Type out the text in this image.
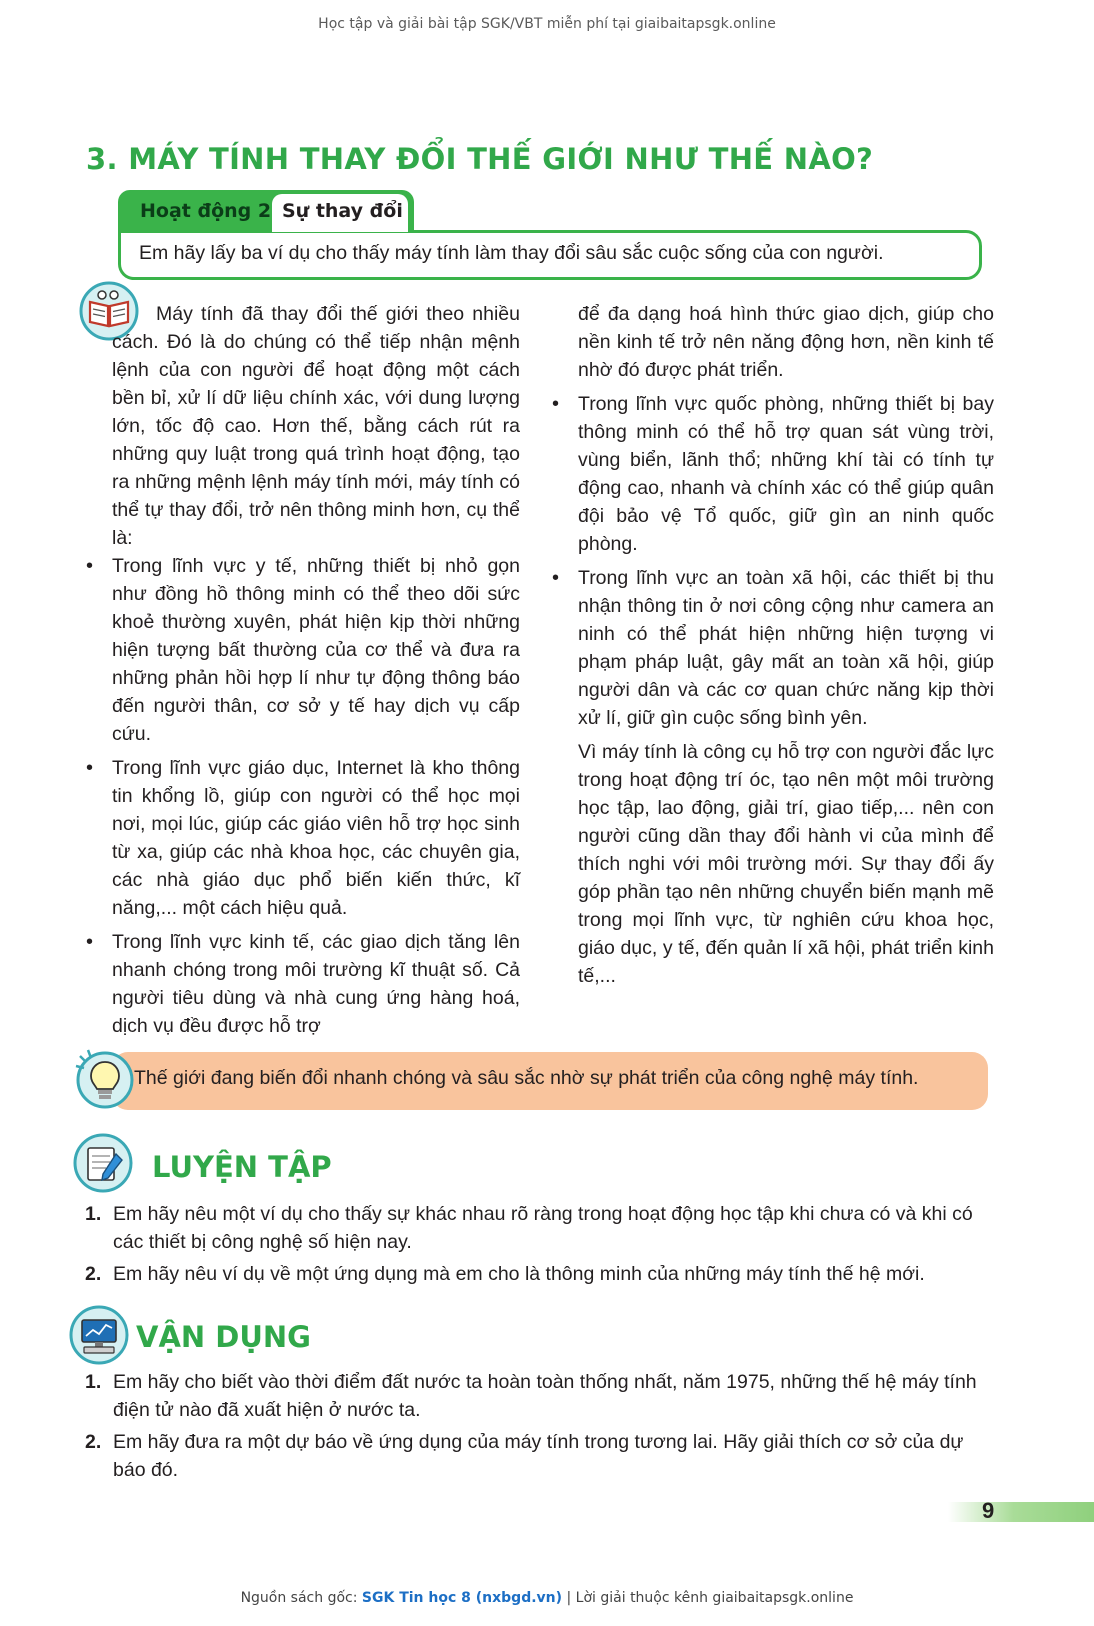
Học tập và giải bài tập SGK/VBT miễn phí tại giaibaitapsgk.online
3. MÁY TÍNH THAY ĐỔI THẾ GIỚI NHƯ THẾ NÀO?
Em hãy lấy ba ví dụ cho thấy máy tính làm thay đổi sâu sắc cuộc sống của con người.
Hoạt động 2 Sự thay đổi

Máy tính đã thay đổi thế giới theo nhiều cách. Đó là do chúng có thể tiếp nhận mệnh lệnh của con người để hoạt động một cách bền bỉ, xử lí dữ liệu chính xác, với dung lượng lớn, tốc độ cao. Hơn thế, bằng cách rút ra những quy luật trong quá trình hoạt động, tạo ra những mệnh lệnh máy tính mới, máy tính có thể tự thay đổi, trở nên thông minh hơn, cụ thể là:

• Trong lĩnh vực y tế, những thiết bị nhỏ gọn như đồng hồ thông minh có thể theo dõi sức khoẻ thường xuyên, phát hiện kịp thời những hiện tượng bất thường của cơ thể và đưa ra những phản hồi hợp lí như tự động thông báo đến người thân, cơ sở y tế hay dịch vụ cấp cứu.
• Trong lĩnh vực giáo dục, Internet là kho thông tin khổng lồ, giúp con người có thể học mọi nơi, mọi lúc, giúp các giáo viên hỗ trợ học sinh từ xa, giúp các nhà khoa học, các chuyên gia, các nhà giáo dục phổ biến kiến thức, kĩ năng,... một cách hiệu quả.
• Trong lĩnh vực kinh tế, các giao dịch tăng lên nhanh chóng trong môi trường kĩ thuật số. Cả người tiêu dùng và nhà cung ứng hàng hoá, dịch vụ đều được hỗ trợ

để đa dạng hoá hình thức giao dịch, giúp cho nền kinh tế trở nên năng động hơn, nền kinh tế nhờ đó được phát triển.

• Trong lĩnh vực quốc phòng, những thiết bị bay thông minh có thể hỗ trợ quan sát vùng trời, vùng biển, lãnh thổ; những khí tài có tính tự động cao, nhanh và chính xác có thể giúp quân đội bảo vệ Tổ quốc, giữ gìn an ninh quốc phòng.
• Trong lĩnh vực an toàn xã hội, các thiết bị thu nhận thông tin ở nơi công cộng như camera an ninh có thể phát hiện những hiện tượng vi phạm pháp luật, gây mất an toàn xã hội, giúp người dân và các cơ quan chức năng kịp thời xử lí, giữ gìn cuộc sống bình yên.

Vì máy tính là công cụ hỗ trợ con người đắc lực trong hoạt động trí óc, tạo nên một môi trường học tập, lao động, giải trí, giao tiếp,... nên con người cũng dần thay đổi hành vi của mình để thích nghi với môi trường mới. Sự thay đổi ấy góp phần tạo nên những chuyển biến mạnh mẽ trong mọi lĩnh vực, từ nghiên cứu khoa học, giáo dục, y tế, đến quản lí xã hội, phát triển kinh tế,...

Thế giới đang biến đổi nhanh chóng và sâu sắc nhờ sự phát triển của công nghệ máy tính.
LUYỆN TẬP
1. Em hãy nêu một ví dụ cho thấy sự khác nhau rõ ràng trong hoạt động học tập khi chưa có và khi có các thiết bị công nghệ số hiện nay.
2. Em hãy nêu ví dụ về một ứng dụng mà em cho là thông minh của những máy tính thế hệ mới.
VẬN DỤNG
1. Em hãy cho biết vào thời điểm đất nước ta hoàn toàn thống nhất, năm 1975, những thế hệ máy tính điện tử nào đã xuất hiện ở nước ta.
2. Em hãy đưa ra một dự báo về ứng dụng của máy tính trong tương lai. Hãy giải thích cơ sở của dự báo đó.
9
Nguồn sách gốc: SGK Tin học 8 (nxbgd.vn) | Lời giải thuộc kênh giaibaitapsgk.online
